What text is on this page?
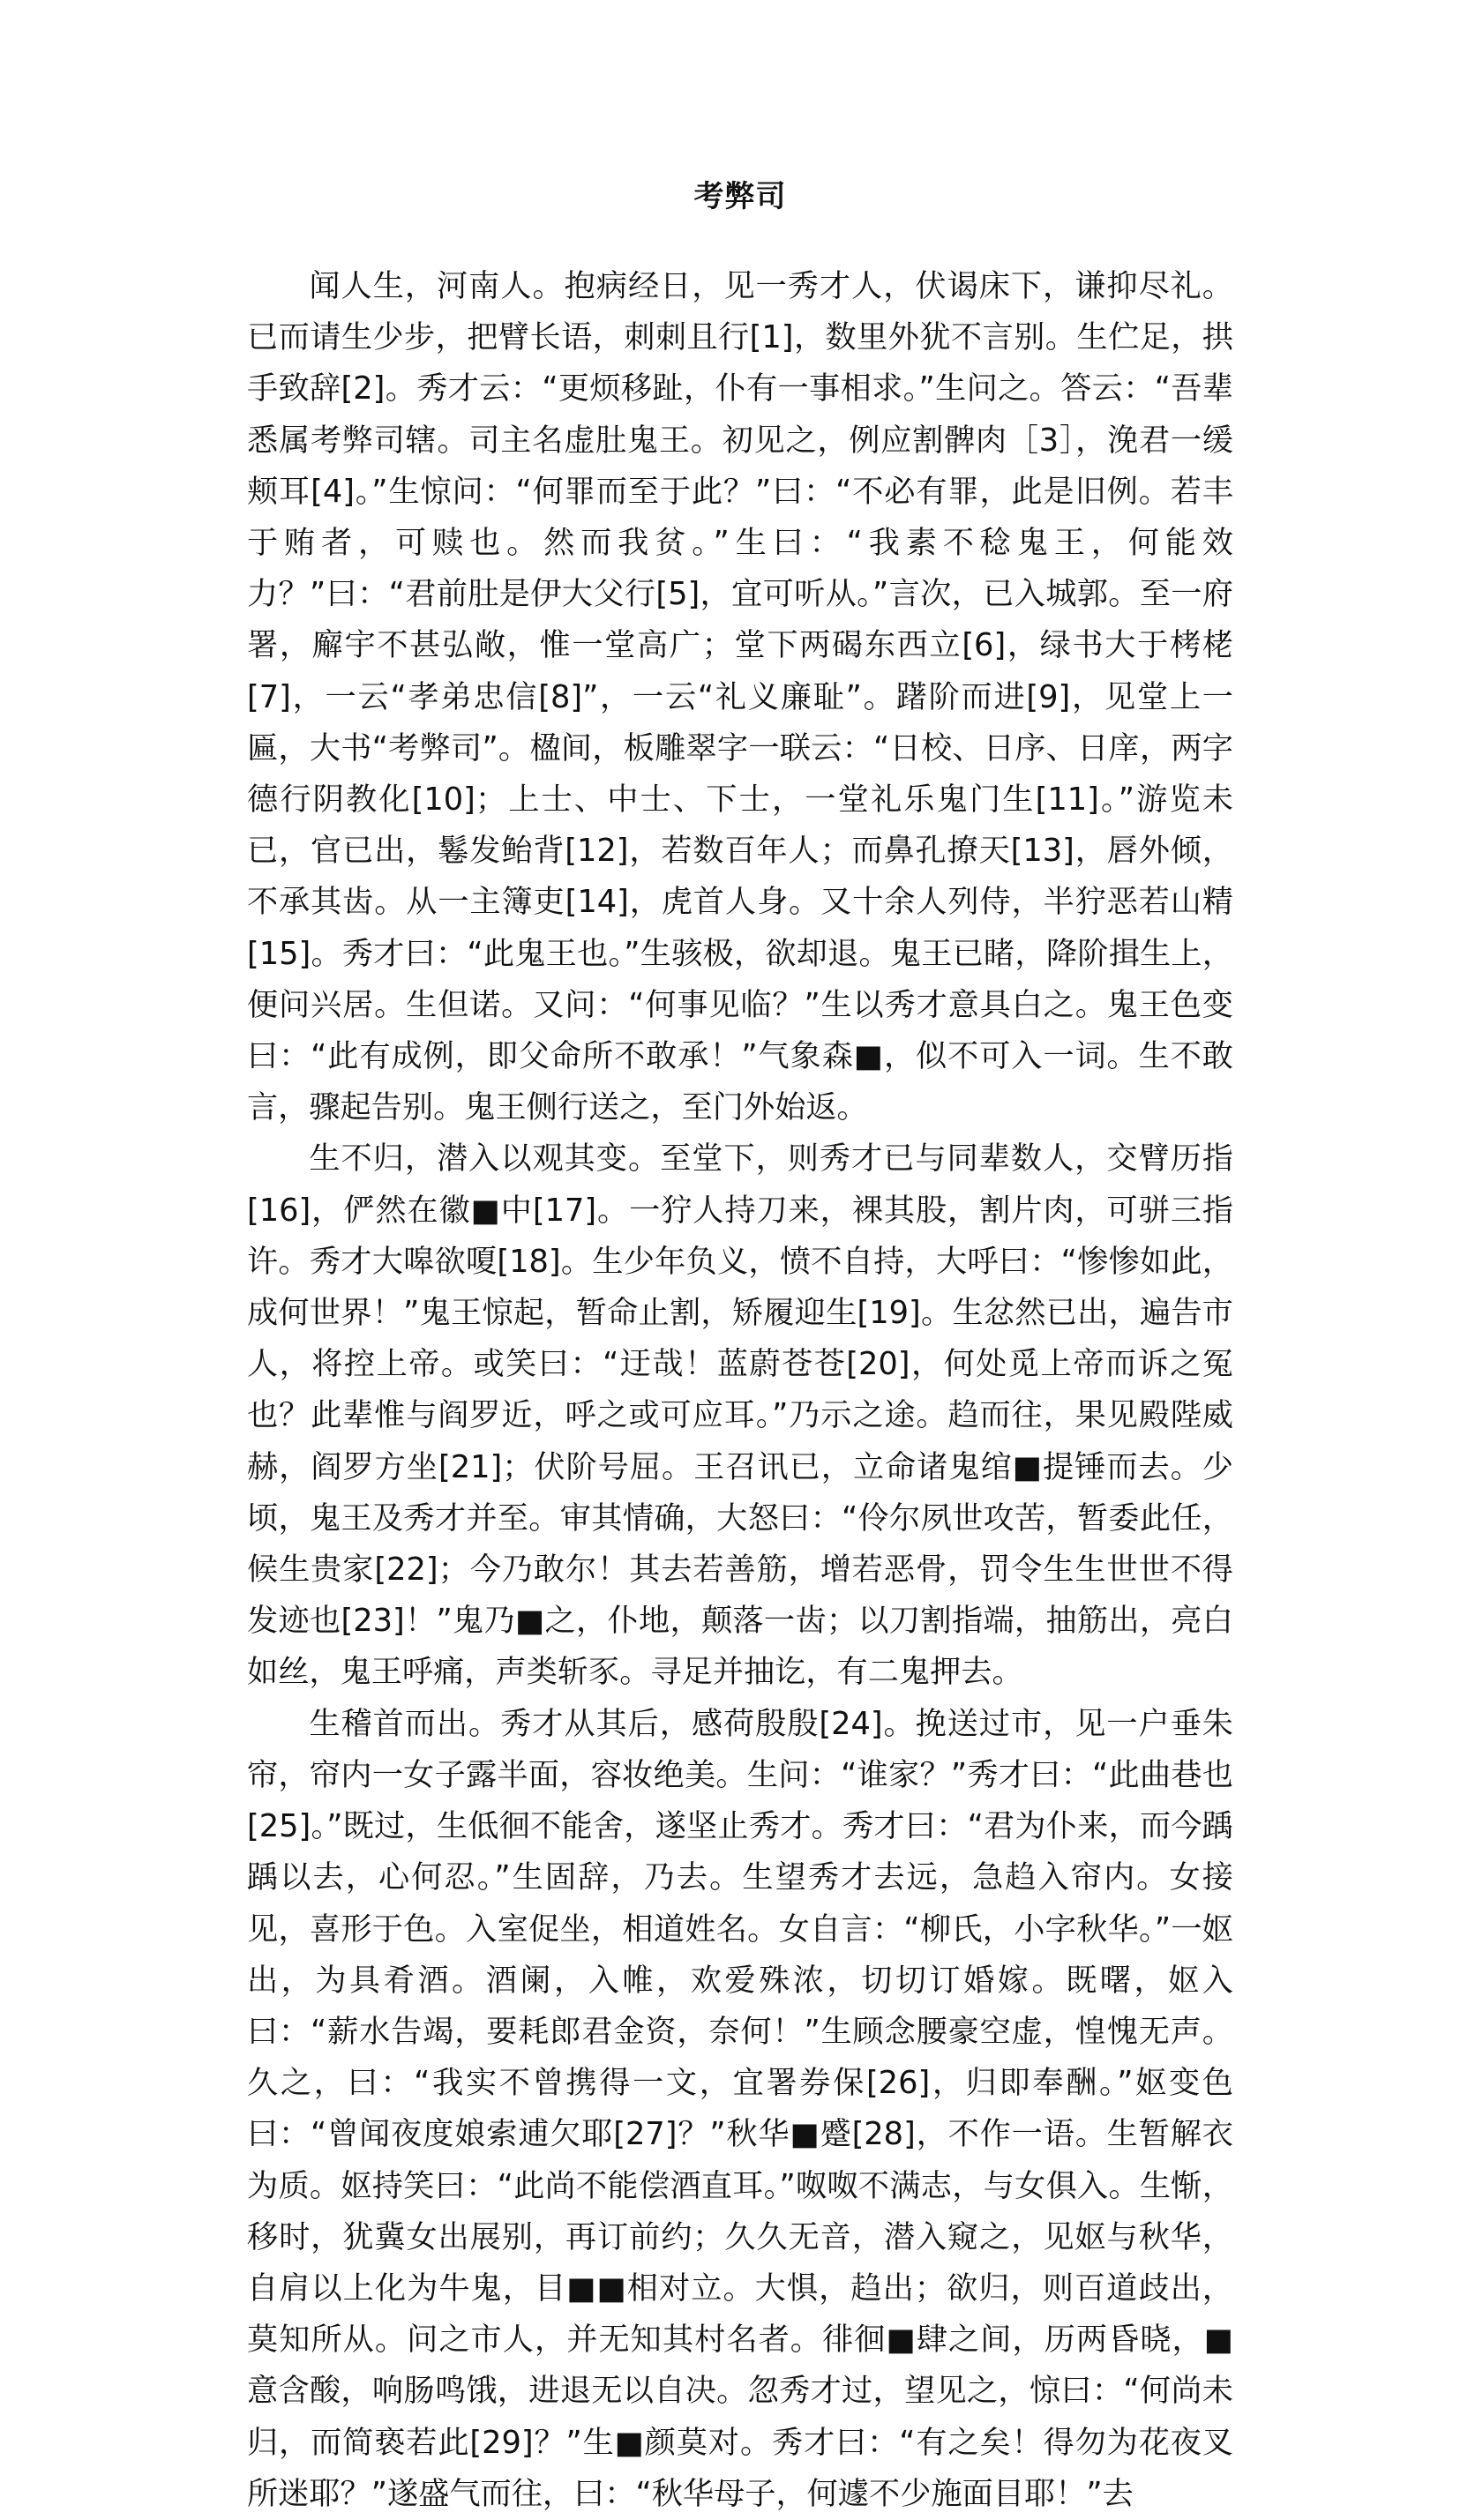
考弊司

闻人生，河南人。抱病经日，见一秀才人，伏谒床下，谦抑尽礼。已而请生少步，把臂长语，刺刺且行[1]，数里外犹不言别。生伫足，拱手致辞[2]。秀才云：“更烦移趾，仆有一事相求。”生问之。答云：“吾辈悉属考弊司辖。司主名虚肚鬼王。初见之，例应割髀肉［3］，浼君一缓颊耳[4]。”生惊问：“何罪而至于此？”曰：“不必有罪，此是旧例。若丰于贿者，可赎也。然而我贫。”生曰：“我素不稔鬼王，何能效力？”曰：“君前肚是伊大父行[5]，宜可听从。”言次，已入城郭。至一府署，廨宇不甚弘敞，惟一堂高广；堂下两碣东西立[6]，绿书大于栲栳[7]，一云“孝弟忠信[8]”，一云“礼义廉耻”。躇阶而进[9]，见堂上一匾，大书“考弊司”。楹间，板雕翠字一联云：“日校、日序、日庠，两字德行阴教化[10]；上士、中士、下士，一堂礼乐鬼门生[11]。”游览未已，官已出，鬈发鲐背[12]，若数百年人；而鼻孔撩天[13]，唇外倾，不承其齿。从一主簿吏[14]，虎首人身。又十余人列侍，半狞恶若山精[15]。秀才曰：“此鬼王也。”生骇极，欲却退。鬼王已睹，降阶揖生上，便问兴居。生但诺。又问：“何事见临？”生以秀才意具白之。鬼王色变曰：“此有成例，即父命所不敢承！”气象森■，似不可入一词。生不敢言，骤起告别。鬼王侧行送之，至门外始返。

生不归，潜入以观其变。至堂下，则秀才已与同辈数人，交臂历指[16]，俨然在徽■中[17]。一狞人持刀来，裸其股，割片肉，可骈三指许。秀才大嗥欲嗄[18]。生少年负义，愤不自持，大呼曰：“惨惨如此，成何世界！”鬼王惊起，暂命止割，矫履迎生[19]。生忿然已出，遍告市人，将控上帝。或笑曰：“迂哉！蓝蔚苍苍[20]，何处觅上帝而诉之冤也？此辈惟与阎罗近，呼之或可应耳。”乃示之途。趋而往，果见殿陛威赫，阎罗方坐[21]；伏阶号屈。王召讯已，立命诸鬼绾■提锤而去。少顷，鬼王及秀才并至。审其情确，大怒曰：“伶尔夙世攻苦，暂委此任，候生贵家[22]；今乃敢尔！其去若善筋，增若恶骨，罚令生生世世不得发迹也[23]！”鬼乃■之，仆地，颠落一齿；以刀割指端，抽筋出，亮白如丝，鬼王呼痛，声类斩豕。寻足并抽讫，有二鬼押去。

生稽首而出。秀才从其后，感荷殷殷[24]。挽送过市，见一户垂朱帘，帘内一女子露半面，容妆绝美。生问：“谁家？”秀才曰：“此曲巷也[25]。”既过，生低徊不能舍，遂坚止秀才。秀才曰：“君为仆来，而今踽踽以去，心何忍。”生固辞，乃去。生望秀才去远，急趋入帘内。女接见，喜形于色。入室促坐，相道姓名。女自言：“柳氏，小字秋华。”一妪出，为具肴酒。酒阑，入帷，欢爱殊浓，切切订婚嫁。既曙，妪入曰：“薪水告竭，要耗郎君金资，奈何！”生顾念腰豪空虚，惶愧无声。久之，曰：“我实不曾携得一文，宜署券保[26]，归即奉酬。”妪变色曰：“曾闻夜度娘索逋欠耶[27]？”秋华■蹙[28]，不作一语。生暂解衣为质。妪持笑曰：“此尚不能偿酒直耳。”呶呶不满志，与女俱入。生惭，移时，犹冀女出展别，再订前约；久久无音，潜入窥之，见妪与秋华，自肩以上化为牛鬼，目■■相对立。大惧，趋出；欲归，则百道歧出，莫知所从。问之市人，并无知其村名者。徘徊■肆之间，历两昏晓，■意含酸，响肠鸣饿，进退无以自决。忽秀才过，望见之，惊曰：“何尚未归，而简亵若此[29]？”生■颜莫对。秀才曰：“有之矣！得勿为花夜叉所迷耶？”遂盛气而往，曰：“秋华母子，何遽不少施面目耶！”去
